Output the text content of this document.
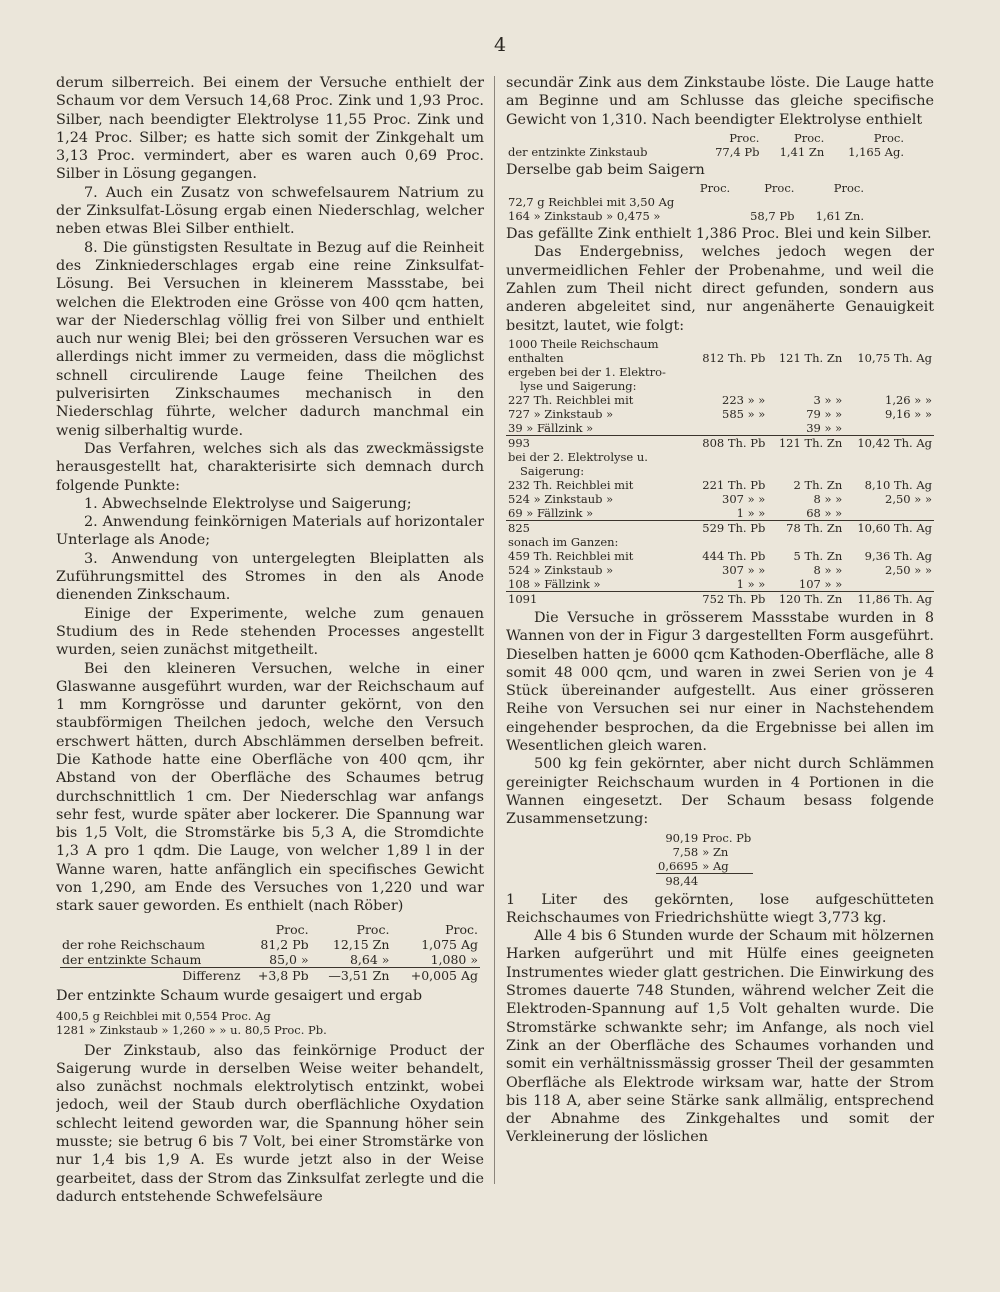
4

derum silberreich. Bei einem der Versuche enthielt der Schaum vor dem Versuch 14,68 Proc. Zink und 1,93 Proc. Silber, nach beendigter Elektrolyse 11,55 Proc. Zink und 1,24 Proc. Silber; es hatte sich somit der Zinkgehalt um 3,13 Proc. vermindert, aber es waren auch 0,69 Proc. Silber in Lösung gegangen.

7. Auch ein Zusatz von schwefelsaurem Natrium zu der Zinksulfat-Lösung ergab einen Niederschlag, welcher neben etwas Blei Silber enthielt.

8. Die günstigsten Resultate in Bezug auf die Reinheit des Zinkniederschlages ergab eine reine Zinksulfat-Lösung. Bei Versuchen in kleinerem Massstabe, bei welchen die Elektroden eine Grösse von 400 qcm hatten, war der Niederschlag völlig frei von Silber und enthielt auch nur wenig Blei; bei den grösseren Versuchen war es allerdings nicht immer zu vermeiden, dass die möglichst schnell circulirende Lauge feine Theilchen des pulverisirten Zinkschaumes mechanisch in den Niederschlag führte, welcher dadurch manchmal ein wenig silberhaltig wurde.

Das Verfahren, welches sich als das zweckmässigste herausgestellt hat, charakterisirte sich demnach durch folgende Punkte:

1. Abwechselnde Elektrolyse und Saigerung;

2. Anwendung feinkörnigen Materials auf horizontaler Unterlage als Anode;

3. Anwendung von untergelegten Bleiplatten als Zuführungsmittel des Stromes in den als Anode dienenden Zinkschaum.

Einige der Experimente, welche zum genauen Studium des in Rede stehenden Processes angestellt wurden, seien zunächst mitgetheilt.

Bei den kleineren Versuchen, welche in einer Glaswanne ausgeführt wurden, war der Reichschaum auf 1 mm Korngrösse und darunter gekörnt, von den staubförmigen Theilchen jedoch, welche den Versuch erschwert hätten, durch Abschlämmen derselben befreit. Die Kathode hatte eine Oberfläche von 400 qcm, ihr Abstand von der Oberfläche des Schaumes betrug durchschnittlich 1 cm. Der Niederschlag war anfangs sehr fest, wurde später aber lockerer. Die Spannung war bis 1,5 Volt, die Stromstärke bis 5,3 A, die Stromdichte 1,3 A pro 1 qdm. Die Lauge, von welcher 1,89 l in der Wanne waren, hatte anfänglich ein specifisches Gewicht von 1,290, am Ende des Versuches von 1,220 und war stark sauer geworden. Es enthielt (nach Röber)

	Proc.	Proc.	Proc.
der rohe Reichschaum	81,2 Pb	12,15 Zn	1,075 Ag
der entzinkte Schaum	85,0 »	8,64 »	1,080 »
Differenz	+3,8 Pb	—3,51 Zn	+0,005 Ag

Der entzinkte Schaum wurde gesaigert und ergab

400,5 g Reichblei mit 0,554 Proc. Ag
1281 » Zinkstaub » 1,260 » » u. 80,5 Proc. Pb.

Der Zinkstaub, also das feinkörnige Product der Saigerung wurde in derselben Weise weiter behandelt, also zunächst nochmals elektrolytisch entzinkt, wobei jedoch, weil der Staub durch oberflächliche Oxydation schlecht leitend geworden war, die Spannung höher sein musste; sie betrug 6 bis 7 Volt, bei einer Stromstärke von nur 1,4 bis 1,9 A. Es wurde jetzt also in der Weise gearbeitet, dass der Strom das Zinksulfat zerlegte und die dadurch entstehende Schwefelsäure

secundär Zink aus dem Zinkstaube löste. Die Lauge hatte am Beginne und am Schlusse das gleiche specifische Gewicht von 1,310. Nach beendigter Elektrolyse enthielt

	Proc.	Proc.	Proc.
der entzinkte Zinkstaub	77,4 Pb	1,41 Zn	1,165 Ag.

Derselbe gab beim Saigern

	Proc.	Proc.	Proc.
72,7 g Reichblei mit 3,50 Ag			
164 » Zinkstaub » 0,475 »		58,7 Pb	1,61 Zn.

Das gefällte Zink enthielt 1,386 Proc. Blei und kein Silber.

Das Endergebniss, welches jedoch wegen der unvermeidlichen Fehler der Probenahme, und weil die Zahlen zum Theil nicht direct gefunden, sondern aus anderen abgeleitet sind, nur angenäherte Genauigkeit besitzt, lautet, wie folgt:

1000 Theile Reichschaum			
enthalten	812 Th. Pb	121 Th. Zn	10,75 Th. Ag
ergeben bei der 1. Elektro-			
lyse und Saigerung:			
227 Th. Reichblei mit	223 » »	3 » »	1,26 » »
727 » Zinkstaub »	585 » »	79 » »	9,16 » »
39 » Fällzink »		39 » »	
993	808 Th. Pb	121 Th. Zn	10,42 Th. Ag
bei der 2. Elektrolyse u.			
Saigerung:			
232 Th. Reichblei mit	221 Th. Pb	2 Th. Zn	8,10 Th. Ag
524 » Zinkstaub »	307 » »	8 » »	2,50 » »
69 » Fällzink »	1 » »	68 » »	
825	529 Th. Pb	78 Th. Zn	10,60 Th. Ag
sonach im Ganzen:			
459 Th. Reichblei mit	444 Th. Pb	5 Th. Zn	9,36 Th. Ag
524 » Zinkstaub »	307 » »	8 » »	2,50 » »
108 » Fällzink »	1 » »	107 » »	
1091	752 Th. Pb	120 Th. Zn	11,86 Th. Ag

Die Versuche in grösserem Massstabe wurden in 8 Wannen von der in Figur 3 dargestellten Form ausgeführt. Dieselben hatten je 6000 qcm Kathoden-Oberfläche, alle 8 somit 48 000 qcm, und waren in zwei Serien von je 4 Stück übereinander aufgestellt. Aus einer grösseren Reihe von Versuchen sei nur einer in Nachstehendem eingehender besprochen, da die Ergebnisse bei allen im Wesentlichen gleich waren.

500 kg fein gekörnter, aber nicht durch Schlämmen gereinigter Reichschaum wurden in 4 Portionen in die Wannen eingesetzt. Der Schaum besass folgende Zusammensetzung:

90,19	Proc. Pb
7,58	» Zn
0,6695	» Ag
98,44	

1 Liter des gekörnten, lose aufgeschütteten Reichschaumes von Friedrichshütte wiegt 3,773 kg.

Alle 4 bis 6 Stunden wurde der Schaum mit hölzernen Harken aufgerührt und mit Hülfe eines geeigneten Instrumentes wieder glatt gestrichen. Die Einwirkung des Stromes dauerte 748 Stunden, während welcher Zeit die Elektroden-Spannung auf 1,5 Volt gehalten wurde. Die Stromstärke schwankte sehr; im Anfange, als noch viel Zink an der Oberfläche des Schaumes vorhanden und somit ein verhältnissmässig grosser Theil der gesammten Oberfläche als Elektrode wirksam war, hatte der Strom bis 118 A, aber seine Stärke sank allmälig, entsprechend der Abnahme des Zinkgehaltes und somit der Verkleinerung der löslichen
